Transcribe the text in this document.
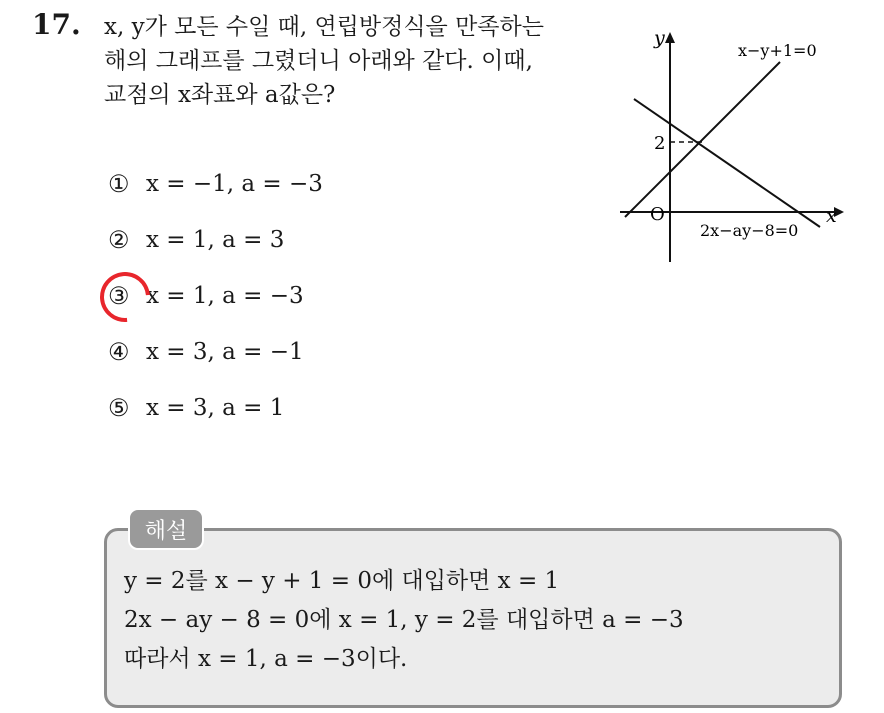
17. x, y가 모든 수일 때, 연립방정식을 만족하는
해의 그래프를 그렸더니 아래와 같다. 이때,
교점의 x좌표와 a값은?
① x = −1, a = −3
② x = 1, a = 3
③ x = 1, a = −3
④ x = 3, a = −1
⑤ x = 3, a = 1
y
x
O
2
x−y+1=0
2x−ay−8=0
해설
y = 2를 x − y + 1 = 0에 대입하면 x = 1
2x − ay − 8 = 0에 x = 1, y = 2를 대입하면 a = −3
따라서 x = 1, a = −3이다.
